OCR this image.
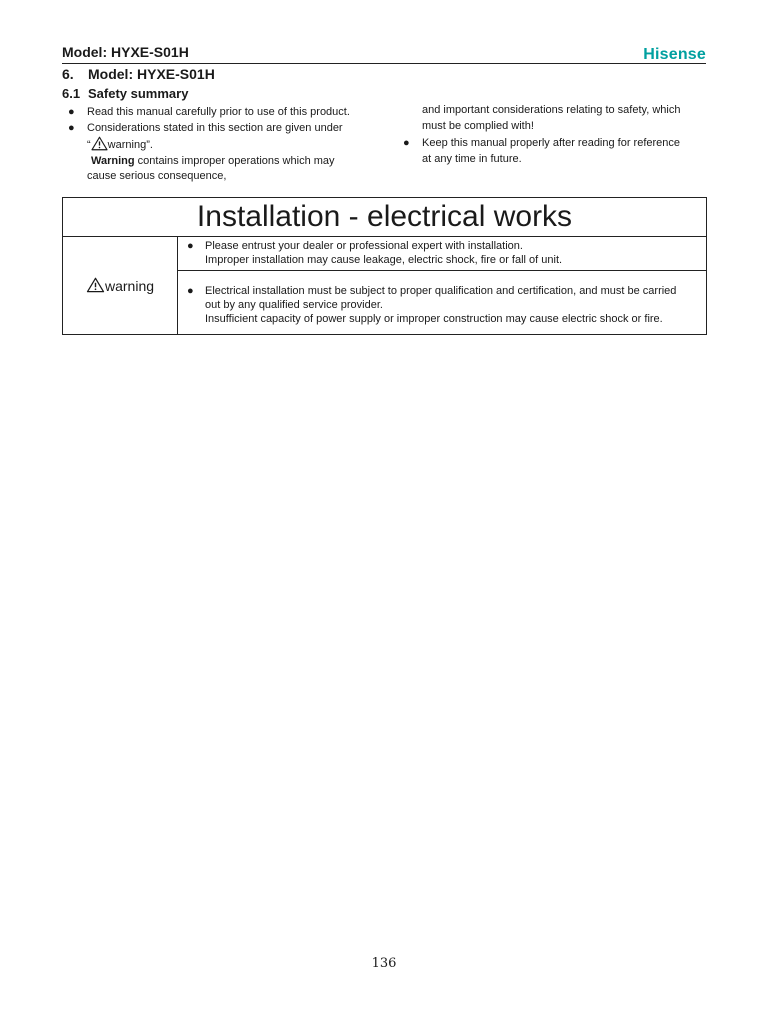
Model: HYXE-S01H	Hisense
6. Model: HYXE-S01H
6.1 Safety summary
●	Read this manual carefully prior to use of this product.
●	Considerations stated in this section are given under
“ warning”.
Warning contains improper operations which may
cause serious consequence,
and important considerations relating to safety, which
must be complied with!
●	Keep this manual properly after reading for reference
at any time in future.
Installation - electrical works
warning	
●	Please entrust your dealer or professional expert with installation.
Improper installation may cause leakage, electric shock, fire or fall of unit.

●	Electrical installation must be subject to proper qualification and certification, and must be carried
out by any qualified service provider.
Insufficient capacity of power supply or improper construction may cause electric shock or fire.
136
